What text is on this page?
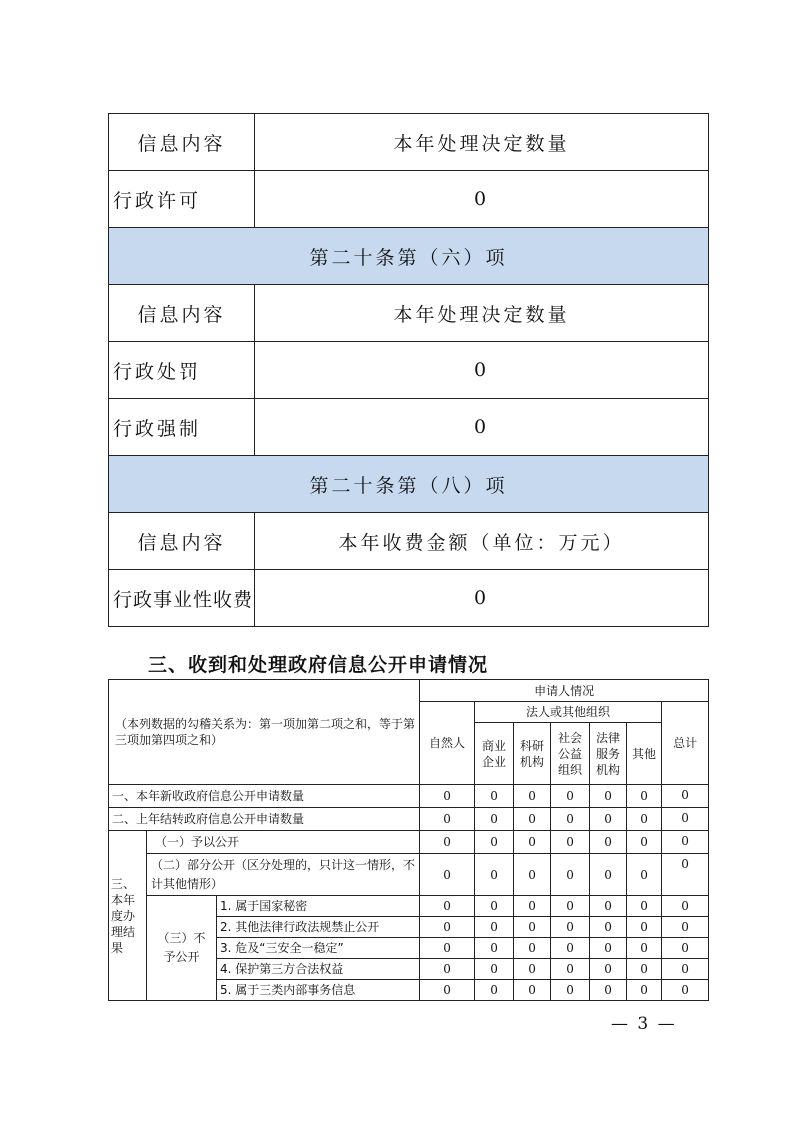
信息内容	本年处理决定数量
行政许可	0
第二十条第（六）项	
信息内容	本年处理决定数量
行政处罚	0
行政强制	0
第二十条第（八）项	
信息内容	本年收费金额（单位：万元）
行政事业性收费	0
三、收到和处理政府信息公开申请情况
（本列数据的勾稽关系为：第一项加第二项之和，等于第三项加第四项之和）			申请人情况						
			自然人	法人或其他组织					总计
				商业企业	科研机构	社会公益组织	法律服务机构	其他	
一、本年新收政府信息公开申请数量			0	0	0	0	0	0	0
二、上年结转政府信息公开申请数量			0	0	0	0	0	0	0
三、本年度办理结果	（一）予以公开		0	0	0	0	0	0	0
	（二）部分公开（区分处理的，只计这一情形，不计其他情形）		0	0	0	0	0	0	0
	（三）不予公开	1. 属于国家秘密	0	0	0	0	0	0	0
		2. 其他法律行政法规禁止公开	0	0	0	0	0	0	0
		3. 危及“三安全一稳定”	0	0	0	0	0	0	0
		4. 保护第三方合法权益	0	0	0	0	0	0	0
		5. 属于三类内部事务信息	0	0	0	0	0	0	0
— 3 —
